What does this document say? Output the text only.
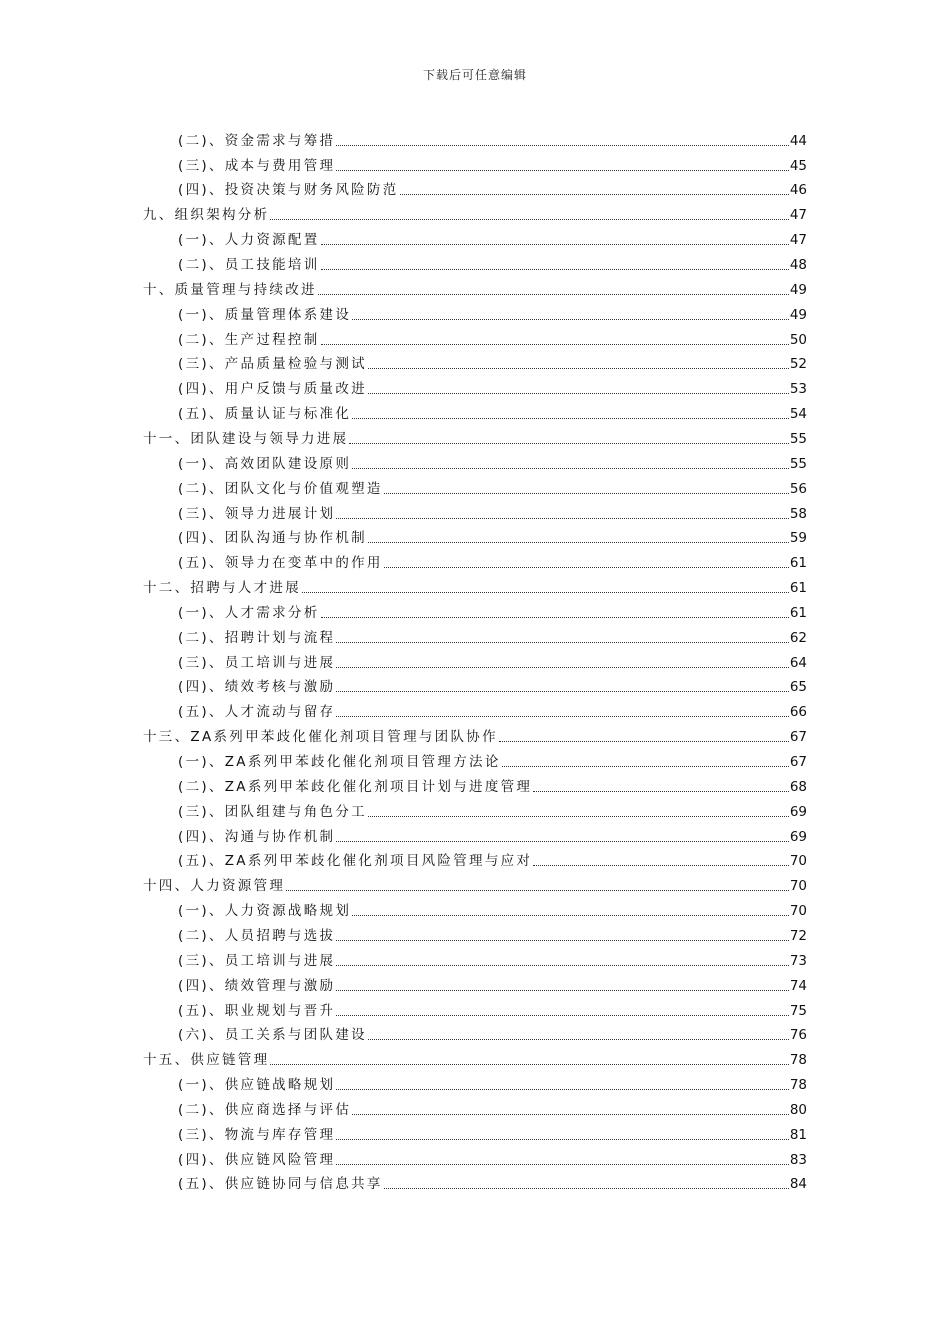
下载后可任意编辑
(二)、资金需求与筹措	44
(三)、成本与费用管理	45
(四)、投资决策与财务风险防范	46
九、组织架构分析	47
(一)、人力资源配置	47
(二)、员工技能培训	48
十、质量管理与持续改进	49
(一)、质量管理体系建设	49
(二)、生产过程控制	50
(三)、产品质量检验与测试	52
(四)、用户反馈与质量改进	53
(五)、质量认证与标准化	54
十一、团队建设与领导力进展	55
(一)、高效团队建设原则	55
(二)、团队文化与价值观塑造	56
(三)、领导力进展计划	58
(四)、团队沟通与协作机制	59
(五)、领导力在变革中的作用	61
十二、招聘与人才进展	61
(一)、人才需求分析	61
(二)、招聘计划与流程	62
(三)、员工培训与进展	64
(四)、绩效考核与激励	65
(五)、人才流动与留存	66
十三、ZA系列甲苯歧化催化剂项目管理与团队协作	67
(一)、ZA系列甲苯歧化催化剂项目管理方法论	67
(二)、ZA系列甲苯歧化催化剂项目计划与进度管理	68
(三)、团队组建与角色分工	69
(四)、沟通与协作机制	69
(五)、ZA系列甲苯歧化催化剂项目风险管理与应对	70
十四、人力资源管理	70
(一)、人力资源战略规划	70
(二)、人员招聘与选拔	72
(三)、员工培训与进展	73
(四)、绩效管理与激励	74
(五)、职业规划与晋升	75
(六)、员工关系与团队建设	76
十五、供应链管理	78
(一)、供应链战略规划	78
(二)、供应商选择与评估	80
(三)、物流与库存管理	81
(四)、供应链风险管理	83
(五)、供应链协同与信息共享	84
